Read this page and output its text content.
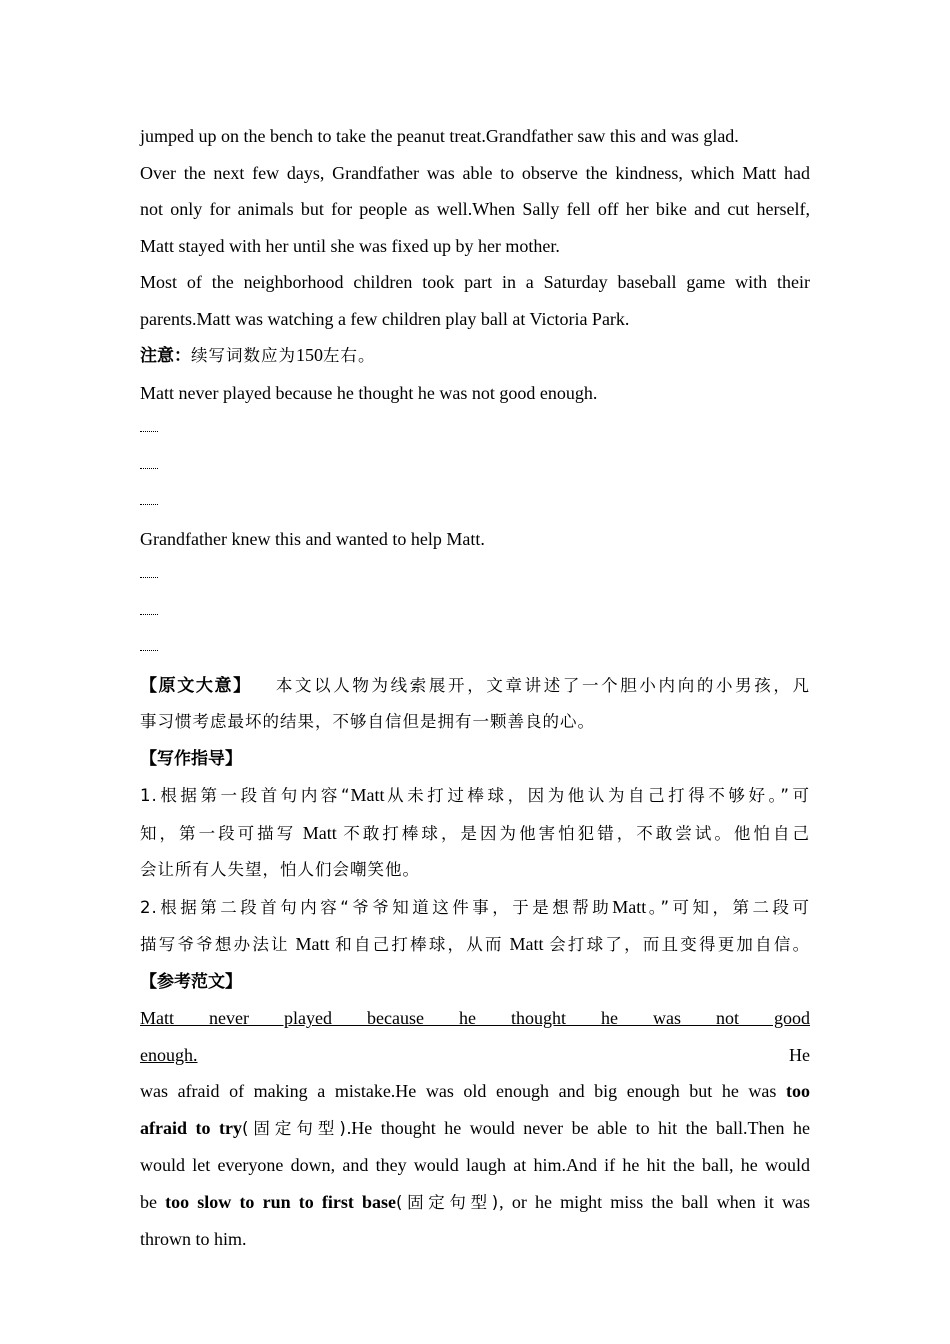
jumped up on the bench to take the peanut treat.Grandfather saw this and was glad.

Over the next few days, Grandfather was able to observe the kindness, which Matt had

not only for animals but for people as well.When Sally fell off her bike and cut herself,

Matt stayed with her until she was fixed up by her mother.

Most of the neighborhood children took part in a Saturday baseball game with their

parents.Matt was watching a few children play ball at Victoria Park.

注意：续写词数应为150左右。

Matt never played because he thought he was not good enough.

Grandfather knew this and wanted to help Matt.

【原文大意】 本文以人物为线索展开，文章讲述了一个胆小内向的小男孩，凡

事习惯考虑最坏的结果，不够自信但是拥有一颗善良的心。

【写作指导】

1.根据第一段首句内容“Matt从未打过棒球，因为他认为自己打得不够好。”可

知，第一段可描写 Matt 不敢打棒球，是因为他害怕犯错，不敢尝试。他怕自己

会让所有人失望，怕人们会嘲笑他。

2.根据第二段首句内容“爷爷知道这件事，于是想帮助Matt。”可知，第二段可

描写爷爷想办法让 Matt 和自己打棒球，从而 Matt 会打球了，而且变得更加自信。

【参考范文】

Matt never played because he thought he was not good enough. He

was afraid of making a mistake.He was old enough and big enough but he was too

afraid to try(固定句型).He thought he would never be able to hit the ball.Then he

would let everyone down, and they would laugh at him.And if he hit the ball, he would

be too slow to run to first base(固定句型), or he might miss the ball when it was

thrown to him.
